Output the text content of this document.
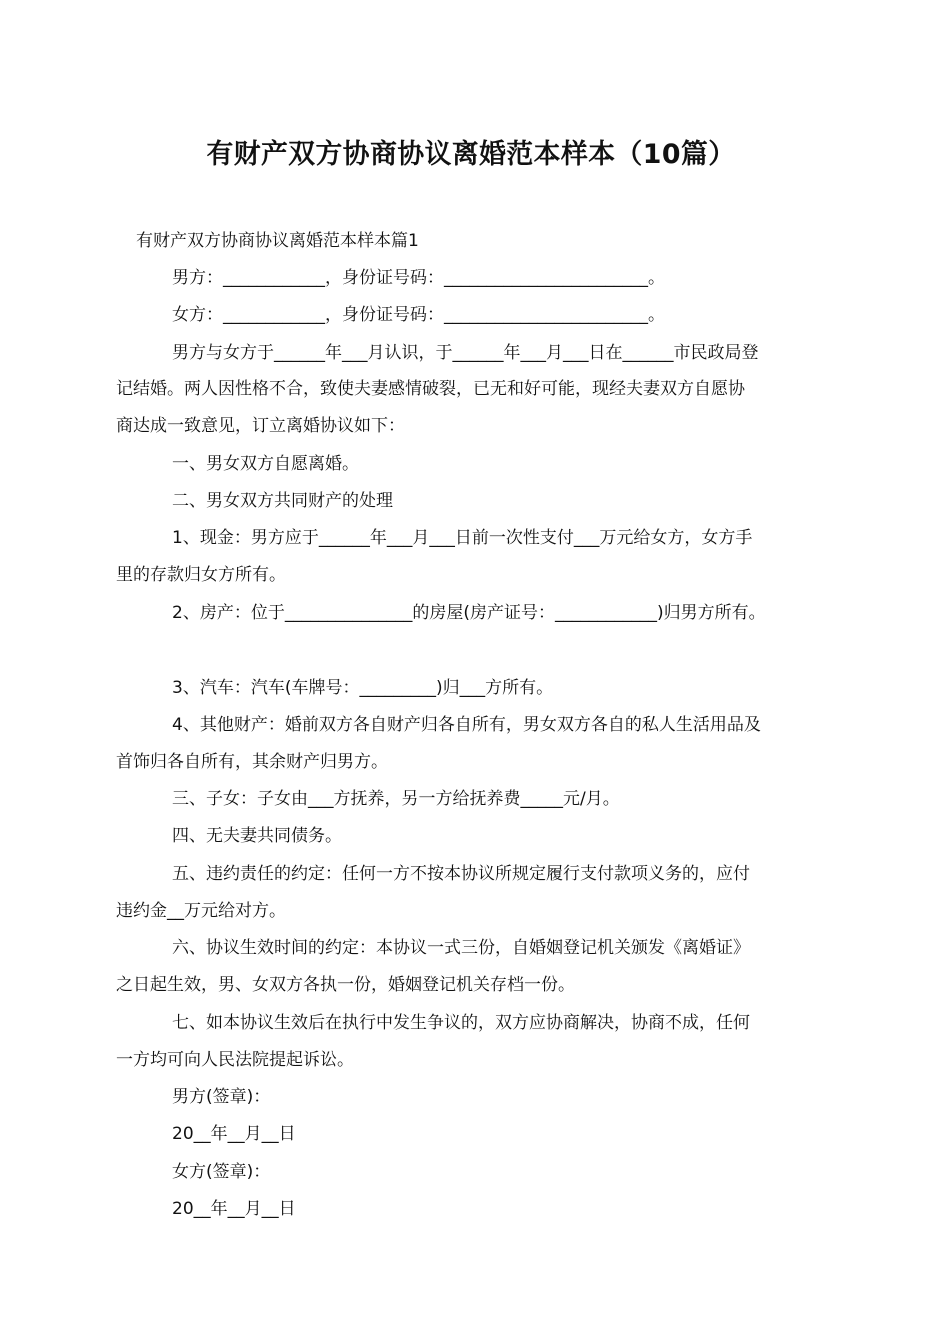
有财产双方协商协议离婚范本样本（10篇）
有财产双方协商协议离婚范本样本篇1
男方：____________，身份证号码：________________________。
女方：____________，身份证号码：________________________。
男方与女方于______年___月认识，于______年___月___日在______市民政局登
记结婚。两人因性格不合，致使夫妻感情破裂，已无和好可能，现经夫妻双方自愿协
商达成一致意见，订立离婚协议如下：
一、男女双方自愿离婚。
二、男女双方共同财产的处理
1、现金：男方应于______年___月___日前一次性支付___万元给女方，女方手
里的存款归女方所有。
2、房产：位于_______________的房屋(房产证号：____________)归男方所有。
3、汽车：汽车(车牌号：_________)归___方所有。
4、其他财产：婚前双方各自财产归各自所有，男女双方各自的私人生活用品及
首饰归各自所有，其余财产归男方。
三、子女：子女由___方抚养，另一方给抚养费_____元/月。
四、无夫妻共同债务。
五、违约责任的约定：任何一方不按本协议所规定履行支付款项义务的，应付
违约金__万元给对方。
六、协议生效时间的约定：本协议一式三份，自婚姻登记机关颁发《离婚证》
之日起生效，男、女双方各执一份，婚姻登记机关存档一份。
七、如本协议生效后在执行中发生争议的，双方应协商解决，协商不成，任何
一方均可向人民法院提起诉讼。
男方(签章)：
20__年__月__日
女方(签章)：
20__年__月__日
